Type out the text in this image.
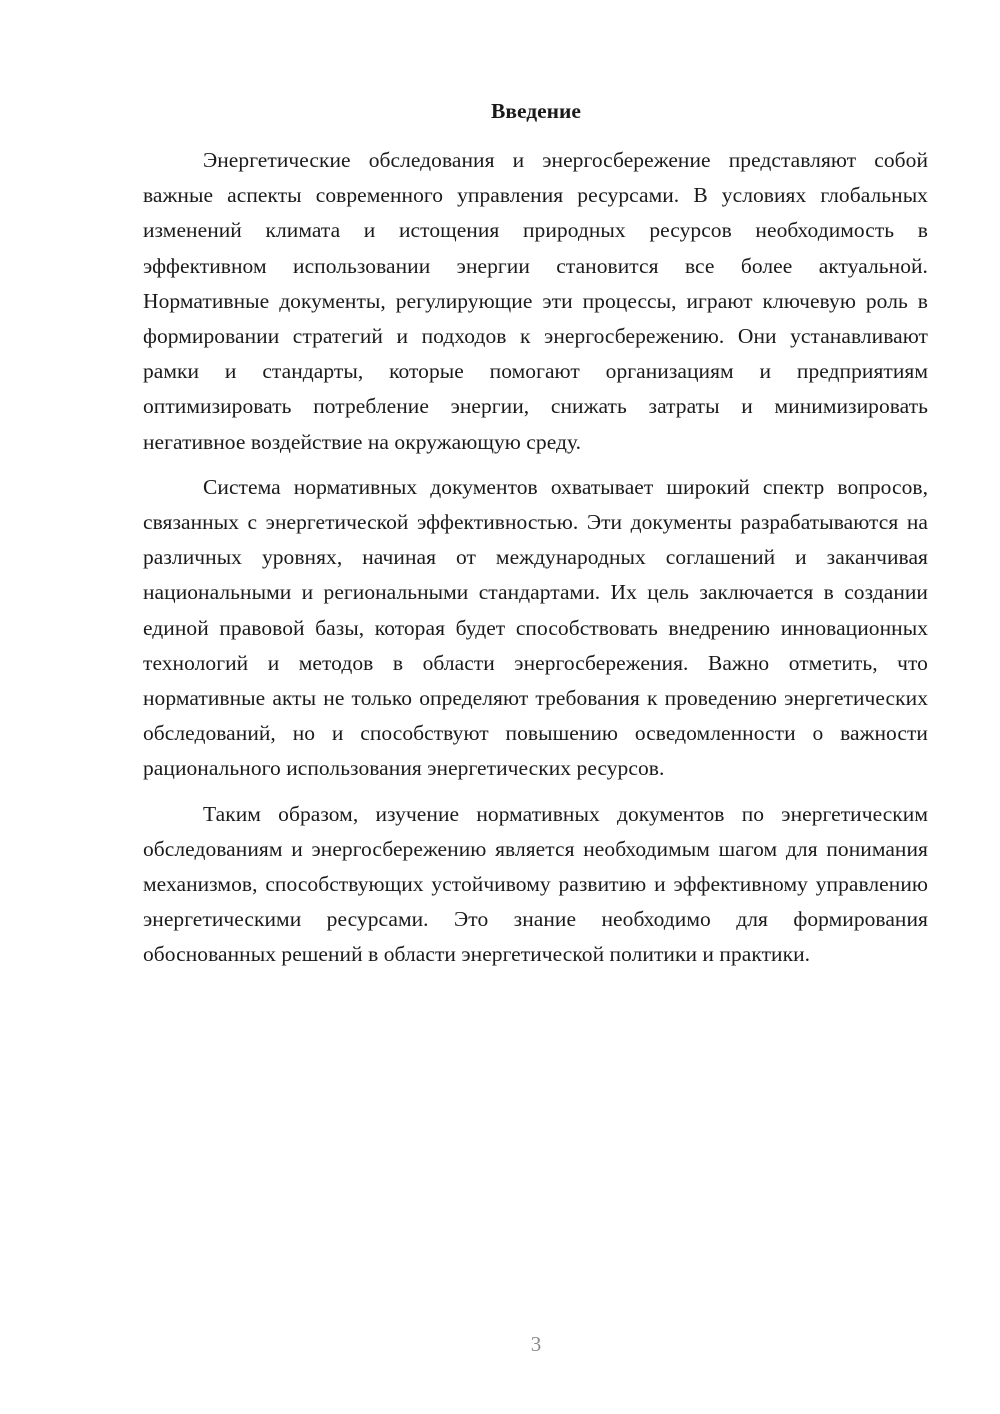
Введение

Энергетические обследования и энергосбережение представляют собой важные аспекты современного управления ресурсами. В условиях глобальных изменений климата и истощения природных ресурсов необходимость в эффективном использовании энергии становится все более актуальной. Нормативные документы, регулирующие эти процессы, играют ключевую роль в формировании стратегий и подходов к энергосбережению. Они устанавливают рамки и стандарты, которые помогают организациям и предприятиям оптимизировать потребление энергии, снижать затраты и минимизировать негативное воздействие на окружающую среду.

Система нормативных документов охватывает широкий спектр вопросов, связанных с энергетической эффективностью. Эти документы разрабатываются на различных уровнях, начиная от международных соглашений и заканчивая национальными и региональными стандартами. Их цель заключается в создании единой правовой базы, которая будет способствовать внедрению инновационных технологий и методов в области энергосбережения. Важно отметить, что нормативные акты не только определяют требования к проведению энергетических обследований, но и способствуют повышению осведомленности о важности рационального использования энергетических ресурсов.

Таким образом, изучение нормативных документов по энергетическим обследованиям и энергосбережению является необходимым шагом для понимания механизмов, способствующих устойчивому развитию и эффективному управлению энергетическими ресурсами. Это знание необходимо для формирования обоснованных решений в области энергетической политики и практики.

3
